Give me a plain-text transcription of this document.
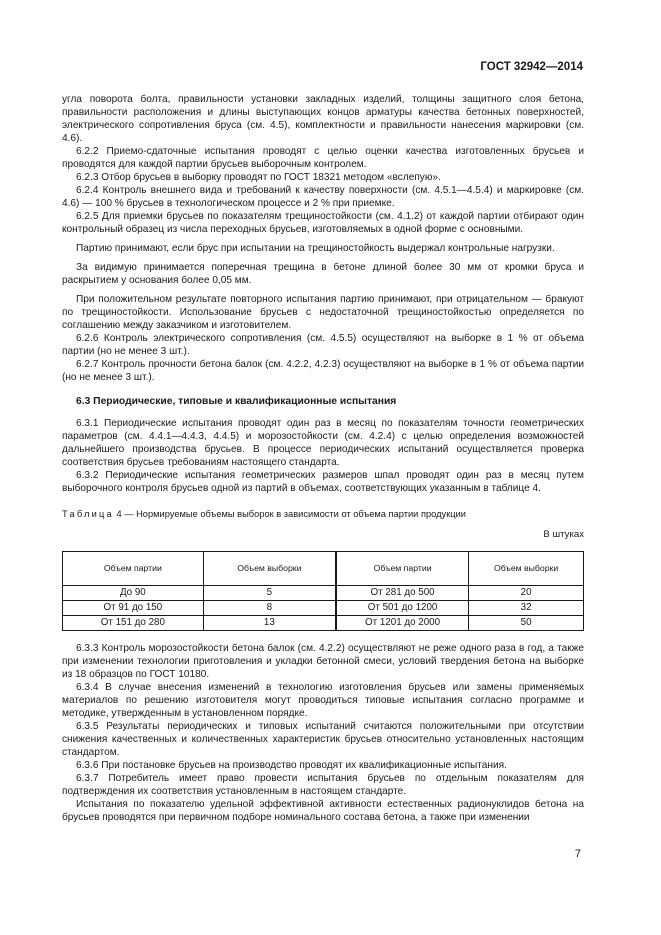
ГОСТ 32942—2014

угла поворота болта, правильности установки закладных изделий, толщины защитного слоя бетона, правильности расположения и длины выступающих концов арматуры качества бетонных поверхностей, электрического сопротивления бруса (см. 4.5), комплектности и правильности нанесения маркировки (см. 4.6).

6.2.2 Приемо-сдаточные испытания проводят с целью оценки качества изготовленных брусьев и проводятся для каждой партии брусьев выборочным контролем.

6.2.3 Отбор брусьев в выборку проводят по ГОСТ 18321 методом «вслепую».

6.2.4 Контроль внешнего вида и требований к качеству поверхности (см. 4.5.1—4.5.4) и маркировке (см. 4.6) — 100 % брусьев в технологическом процессе и 2 % при приемке.

6.2.5 Для приемки брусьев по показателям трещиностойкости (см. 4.1.2) от каждой партии отбирают один контрольный образец из числа переходных брусьев, изготовляемых в одной форме с основными.

Партию принимают, если брус при испытании на трещиностойкость выдержал контрольные нагрузки.

За видимую принимается поперечная трещина в бетоне длиной более 30 мм от кромки бруса и раскрытием у основания более 0,05 мм.

При положительном результате повторного испытания партию принимают, при отрицательном — бракуют по трещиностойкости. Использование брусьев с недостаточной трещиностойкостью определяется по соглашению между заказчиком и изготовителем.

6.2.6 Контроль электрического сопротивления (см. 4.5.5) осуществляют на выборке в 1 % от объема партии (но не менее 3 шт.).

6.2.7 Контроль прочности бетона балок (см. 4.2.2, 4.2.3) осуществляют на выборке в 1 % от объема партии (но не менее 3 шт.).

6.3 Периодические, типовые и квалификационные испытания

6.3.1 Периодические испытания проводят один раз в месяц по показателям точности геометрических параметров (см. 4.4.1—4.4.3, 4.4.5) и морозостойкости (см. 4.2.4) с целью определения возможностей дальнейшего производства брусьев. В процессе периодических испытаний осуществляется проверка соответствия брусьев требованиям настоящего стандарта.

6.3.2 Периодические испытания геометрических размеров шпал проводят один раз в месяц путем выборочного контроля брусьев одной из партий в объемах, соответствующих указанным в таблице 4.

Таблица 4 — Нормируемые объемы выборок в зависимости от объема партии продукции
В штуках
Объем партии	Объем выборки	Объем партии	Объем выборки
До 90	5	От 281 до 500	20
От 91 до 150	8	От 501 до 1200	32
От 151 до 280	13	От 1201 до 2000	50

6.3.3 Контроль морозостойкости бетона балок (см. 4.2.2) осуществляют не реже одного раза в год, а также при изменении технологии приготовления и укладки бетонной смеси, условий твердения бетона на выборке из 18 образцов по ГОСТ 10180.

6.3.4 В случае внесения изменений в технологию изготовления брусьев или замены применяемых материалов по решению изготовителя могут проводиться типовые испытания согласно программе и методике, утвержденным в установленном порядке.

6.3.5 Результаты периодических и типовых испытаний считаются положительными при отсутствии снижения качественных и количественных характеристик брусьев относительно установленных настоящим стандартом.

6.3.6 При постановке брусьев на производство проводят их квалификационные испытания.

6.3.7 Потребитель имеет право провести испытания брусьев по отдельным показателям для подтверждения их соответствия установленным в настоящем стандарте.

Испытания по показателю удельной эффективной активности естественных радионуклидов бетона на брусьев проводятся при первичном подборе номинального состава бетона, а также при изменении

7
